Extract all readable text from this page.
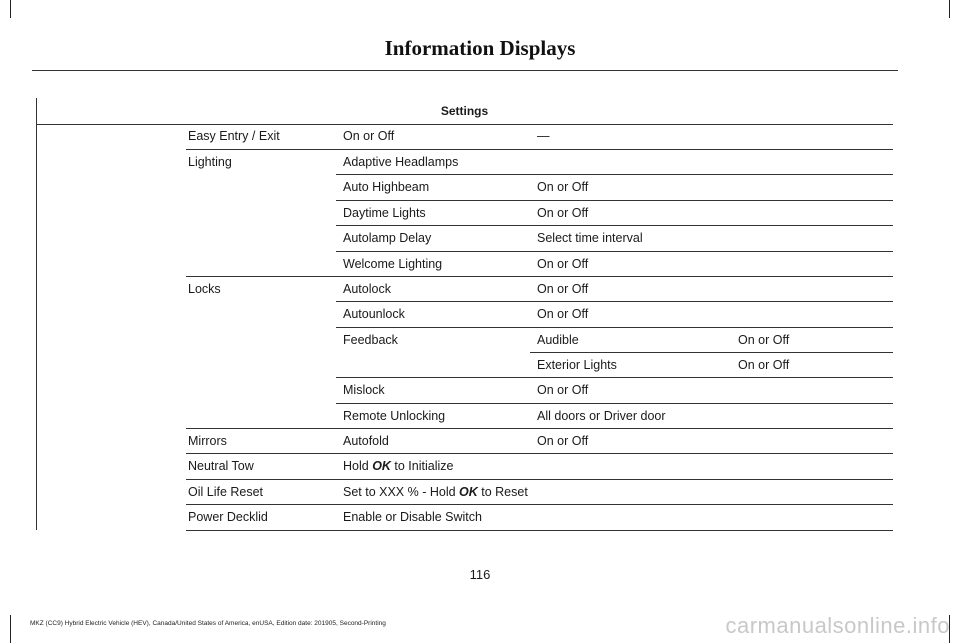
Information Displays
Settings
Easy Entry / Exit	On or Off	—
Lighting	Adaptive Headlamps
Auto Highbeam	On or Off
Daytime Lights	On or Off
Autolamp Delay	Select time interval
Welcome Lighting	On or Off
Locks	Autolock	On or Off
Autounlock	On or Off
Feedback	Audible	On or Off
Exterior Lights	On or Off
Mislock	On or Off
Remote Unlocking	All doors or Driver door
Mirrors	Autofold	On or Off
Neutral Tow	Hold OK to Initialize
Oil Life Reset	Set to XXX % - Hold OK to Reset
Power Decklid	Enable or Disable Switch
116
MKZ (CC9) Hybrid Electric Vehicle (HEV), Canada/United States of America, enUSA, Edition date: 201905, Second-Printing	carmanualsonline.info
